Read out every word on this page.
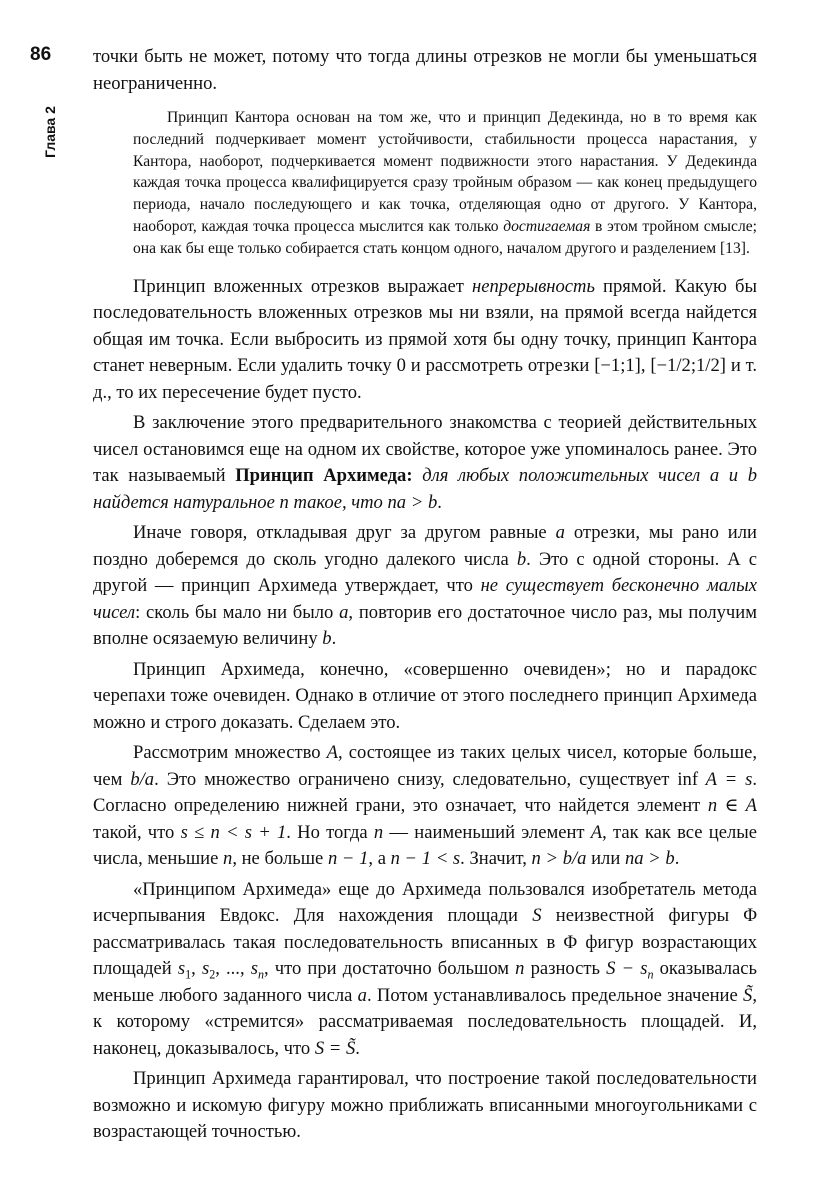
86
Глава 2

точки быть не может, потому что тогда длины отрезков не могли бы уменьшаться неограниченно.

Принцип Кантора основан на том же, что и принцип Дедекинда, но в то время как последний подчеркивает момент устойчивости, стабильности процесса нарастания, у Кантора, наоборот, подчеркивается момент подвижности этого нарастания. У Дедекинда каждая точка процесса квалифицируется сразу тройным образом — как конец предыдущего периода, начало последующего и как точка, отделяющая одно от другого. У Кантора, наоборот, каждая точка процесса мыслится как только достигаемая в этом тройном смысле; она как бы еще только собирается стать концом одного, началом другого и разделением [13].

Принцип вложенных отрезков выражает непрерывность прямой. Какую бы последовательность вложенных отрезков мы ни взяли, на прямой всегда найдется общая им точка. Если выбросить из прямой хотя бы одну точку, принцип Кантора станет неверным. Если удалить точку 0 и рассмотреть отрезки [−1;1], [−1/2;1/2] и т. д., то их пересечение будет пусто.

В заключение этого предварительного знакомства с теорией действительных чисел остановимся еще на одном их свойстве, которое уже упоминалось ранее. Это так называемый Принцип Архимеда: для любых положительных чисел a и b найдется натуральное n такое, что na > b.

Иначе говоря, откладывая друг за другом равные a отрезки, мы рано или поздно доберемся до сколь угодно далекого числа b. Это с одной стороны. А с другой — принцип Архимеда утверждает, что не существует бесконечно малых чисел: сколь бы мало ни было a, повторив его достаточное число раз, мы получим вполне осязаемую величину b.

Принцип Архимеда, конечно, «совершенно очевиден»; но и парадокс черепахи тоже очевиден. Однако в отличие от этого последнего принцип Архимеда можно и строго доказать. Сделаем это.

Рассмотрим множество A, состоящее из таких целых чисел, которые больше, чем b/a. Это множество ограничено снизу, следовательно, существует inf A = s. Согласно определению нижней грани, это означает, что найдется элемент n ∈ A такой, что s ≤ n < s + 1. Но тогда n — наименьший элемент A, так как все целые числа, меньшие n, не больше n − 1, а n − 1 < s. Значит, n > b/a или na > b.

«Принципом Архимеда» еще до Архимеда пользовался изобретатель метода исчерпывания Евдокс. Для нахождения площади S неизвестной фигуры Φ рассматривалась такая последовательность вписанных в Φ фигур возрастающих площадей $s_1$, $s_2$, ..., $s_n$, что при достаточно большом n разность $S - s_n$ оказывалась меньше любого заданного числа a. Потом устанавливалось предельное значение S̃, к которому «стремится» рассматриваемая последовательность площадей. И, наконец, доказывалось, что S = S̃.

Принцип Архимеда гарантировал, что построение такой последовательности возможно и искомую фигуру можно приближать вписанными многоугольниками с возрастающей точностью.
